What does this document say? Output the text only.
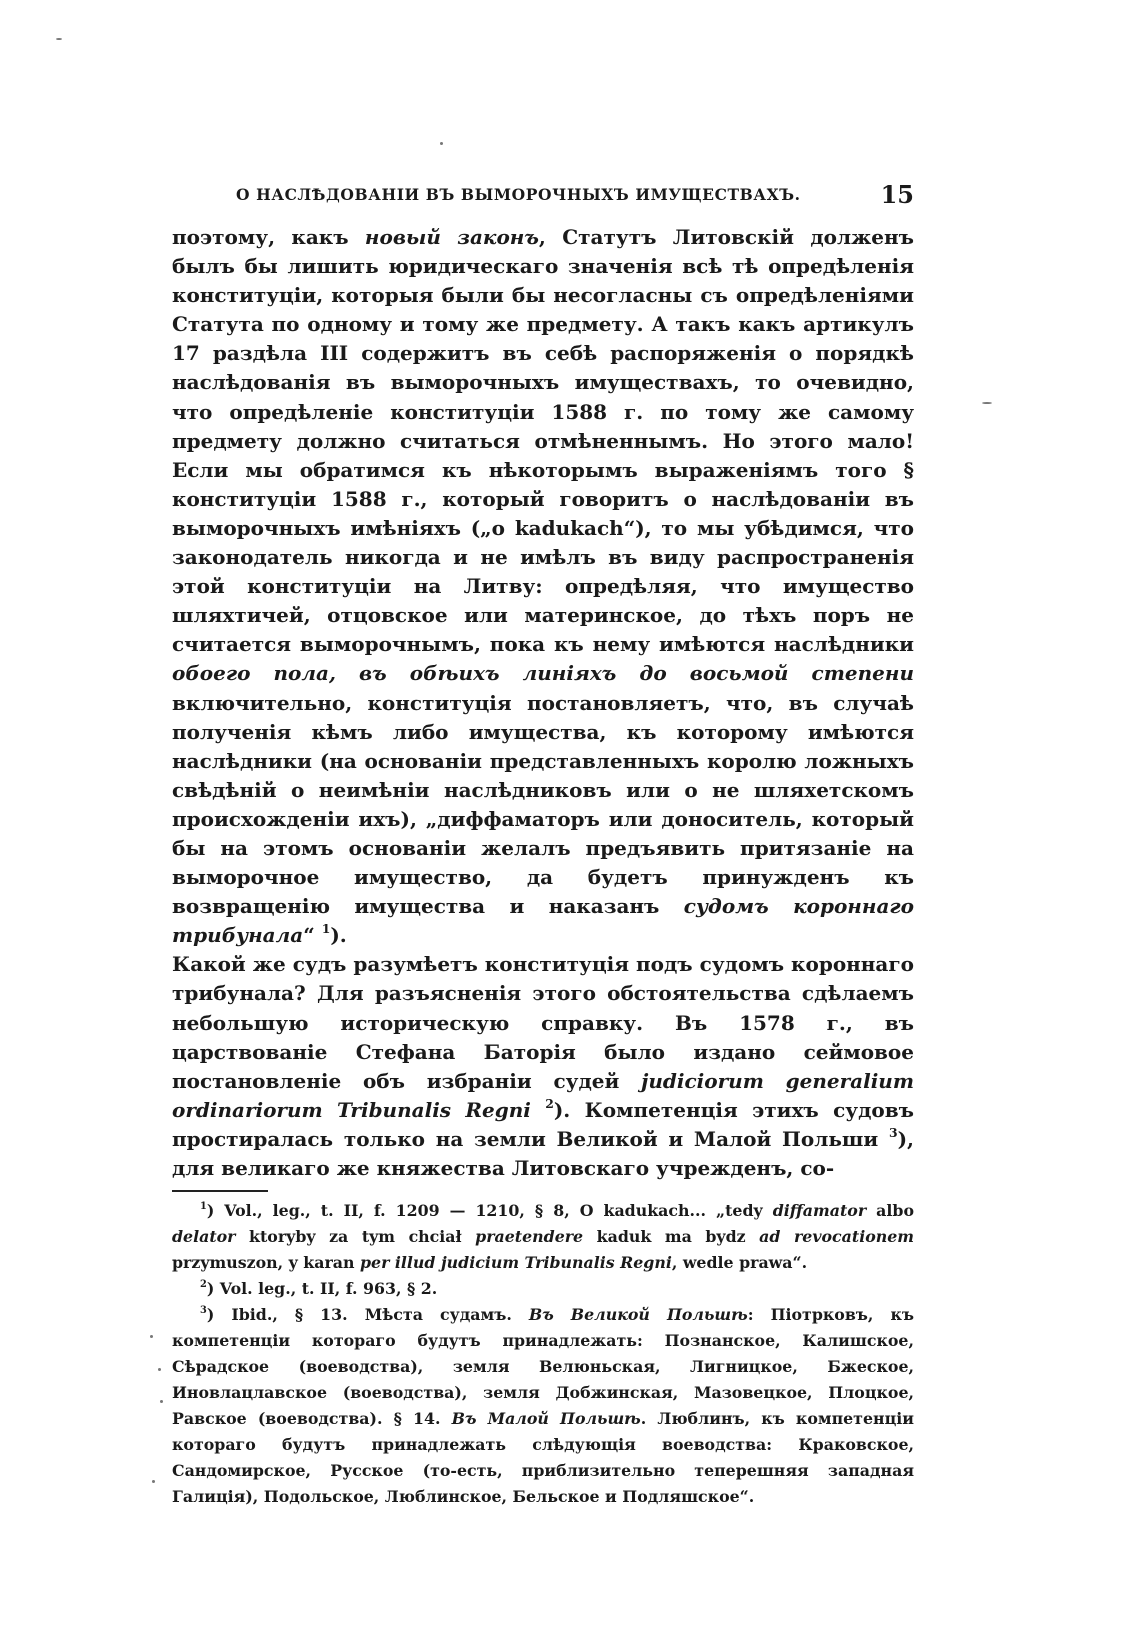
О НАСЛѢДОВАНІИ ВЪ ВЫМОРОЧНЫХЪ ИМУЩЕСТВАХЪ.	15

поэтому, какъ новый законъ, Статутъ Литовскій долженъ былъ бы лишить юридическаго значенія всѣ тѣ опредѣленія конституціи, которыя были бы несогласны съ опредѣленіями Статута по одному и тому же предмету. А такъ какъ артикулъ 17 раздѣла III содержитъ въ себѣ распоряженія о порядкѣ наслѣдованія въ выморочныхъ имуществахъ, то очевидно, что опредѣленіе конституціи 1588 г. по тому же самому предмету должно считаться отмѣненнымъ. Но этого мало! Если мы обратимся къ нѣкоторымъ выраженіямъ того § конституціи 1588 г., который говоритъ о наслѣдованіи въ выморочныхъ имѣніяхъ („o kadukach“), то мы убѣдимся, что законодатель никогда и не имѣлъ въ виду распространенія этой конституціи на Литву: опредѣляя, что имущество шляхтичей, отцовское или материнское, до тѣхъ поръ не считается выморочнымъ, пока къ нему имѣются наслѣдники обоего пола, въ обѣихъ линіяхъ до восьмой степени включительно, конституція постановляетъ, что, въ случаѣ полученія кѣмъ либо имущества, къ которому имѣются наслѣдники (на основаніи представленныхъ королю ложныхъ свѣдѣній о неимѣніи наслѣдниковъ или о не шляхетскомъ происхожденіи ихъ), „диффаматоръ или доноситель, который бы на этомъ основаніи желалъ предъявить притязаніе на выморочное имущество, да будетъ принужденъ къ возвращенію имущества и наказанъ судомъ короннаго трибунала“ $^1$).

Какой же судъ разумѣетъ конституція подъ судомъ короннаго трибунала? Для разъясненія этого обстоятельства сдѣлаемъ небольшую историческую справку. Въ 1578 г., въ царствованіе Стефана Баторія было издано сеймовое постановленіе объ избраніи судей judiciorum generalium ordinariorum Tribunalis Regni $^2$). Компетенція этихъ судовъ простиралась только на земли Великой и Малой Польши $^3$), для великаго же княжества Литовскаго учрежденъ, со-

$^1$) Vol., leg., t. II, f. 1209 — 1210, § 8, O kadukach... „tedy diffamator albo delator ktoryby za tym chciał praetendere kaduk ma bydz ad revocationem przymuszon, y karan per illud judicium Tribunalis Regni, wedle prawa“.

$^2$) Vol. leg., t. II, f. 963, § 2.

$^3$) Ibid., § 13. Мѣста судамъ. Въ Великой Польшѣ: Піотрковъ, къ компетенціи котораго будутъ принадлежать: Познанское, Калишское, Сѣрадское (воеводства), земля Велюньская, Лигницкое, Бжеское, Иновлацлавское (воеводства), земля Добжинская, Мазовецкое, Плоцкое, Равское (воеводства). § 14. Въ Малой Польшѣ. Люблинъ, къ компетенціи котораго будутъ принадлежать слѣдующія воеводства: Краковское, Сандомирское, Русское (то-есть, приблизительно теперешняя западная Галиція), Подольское, Люблинское, Бельское и Подляшское“.
